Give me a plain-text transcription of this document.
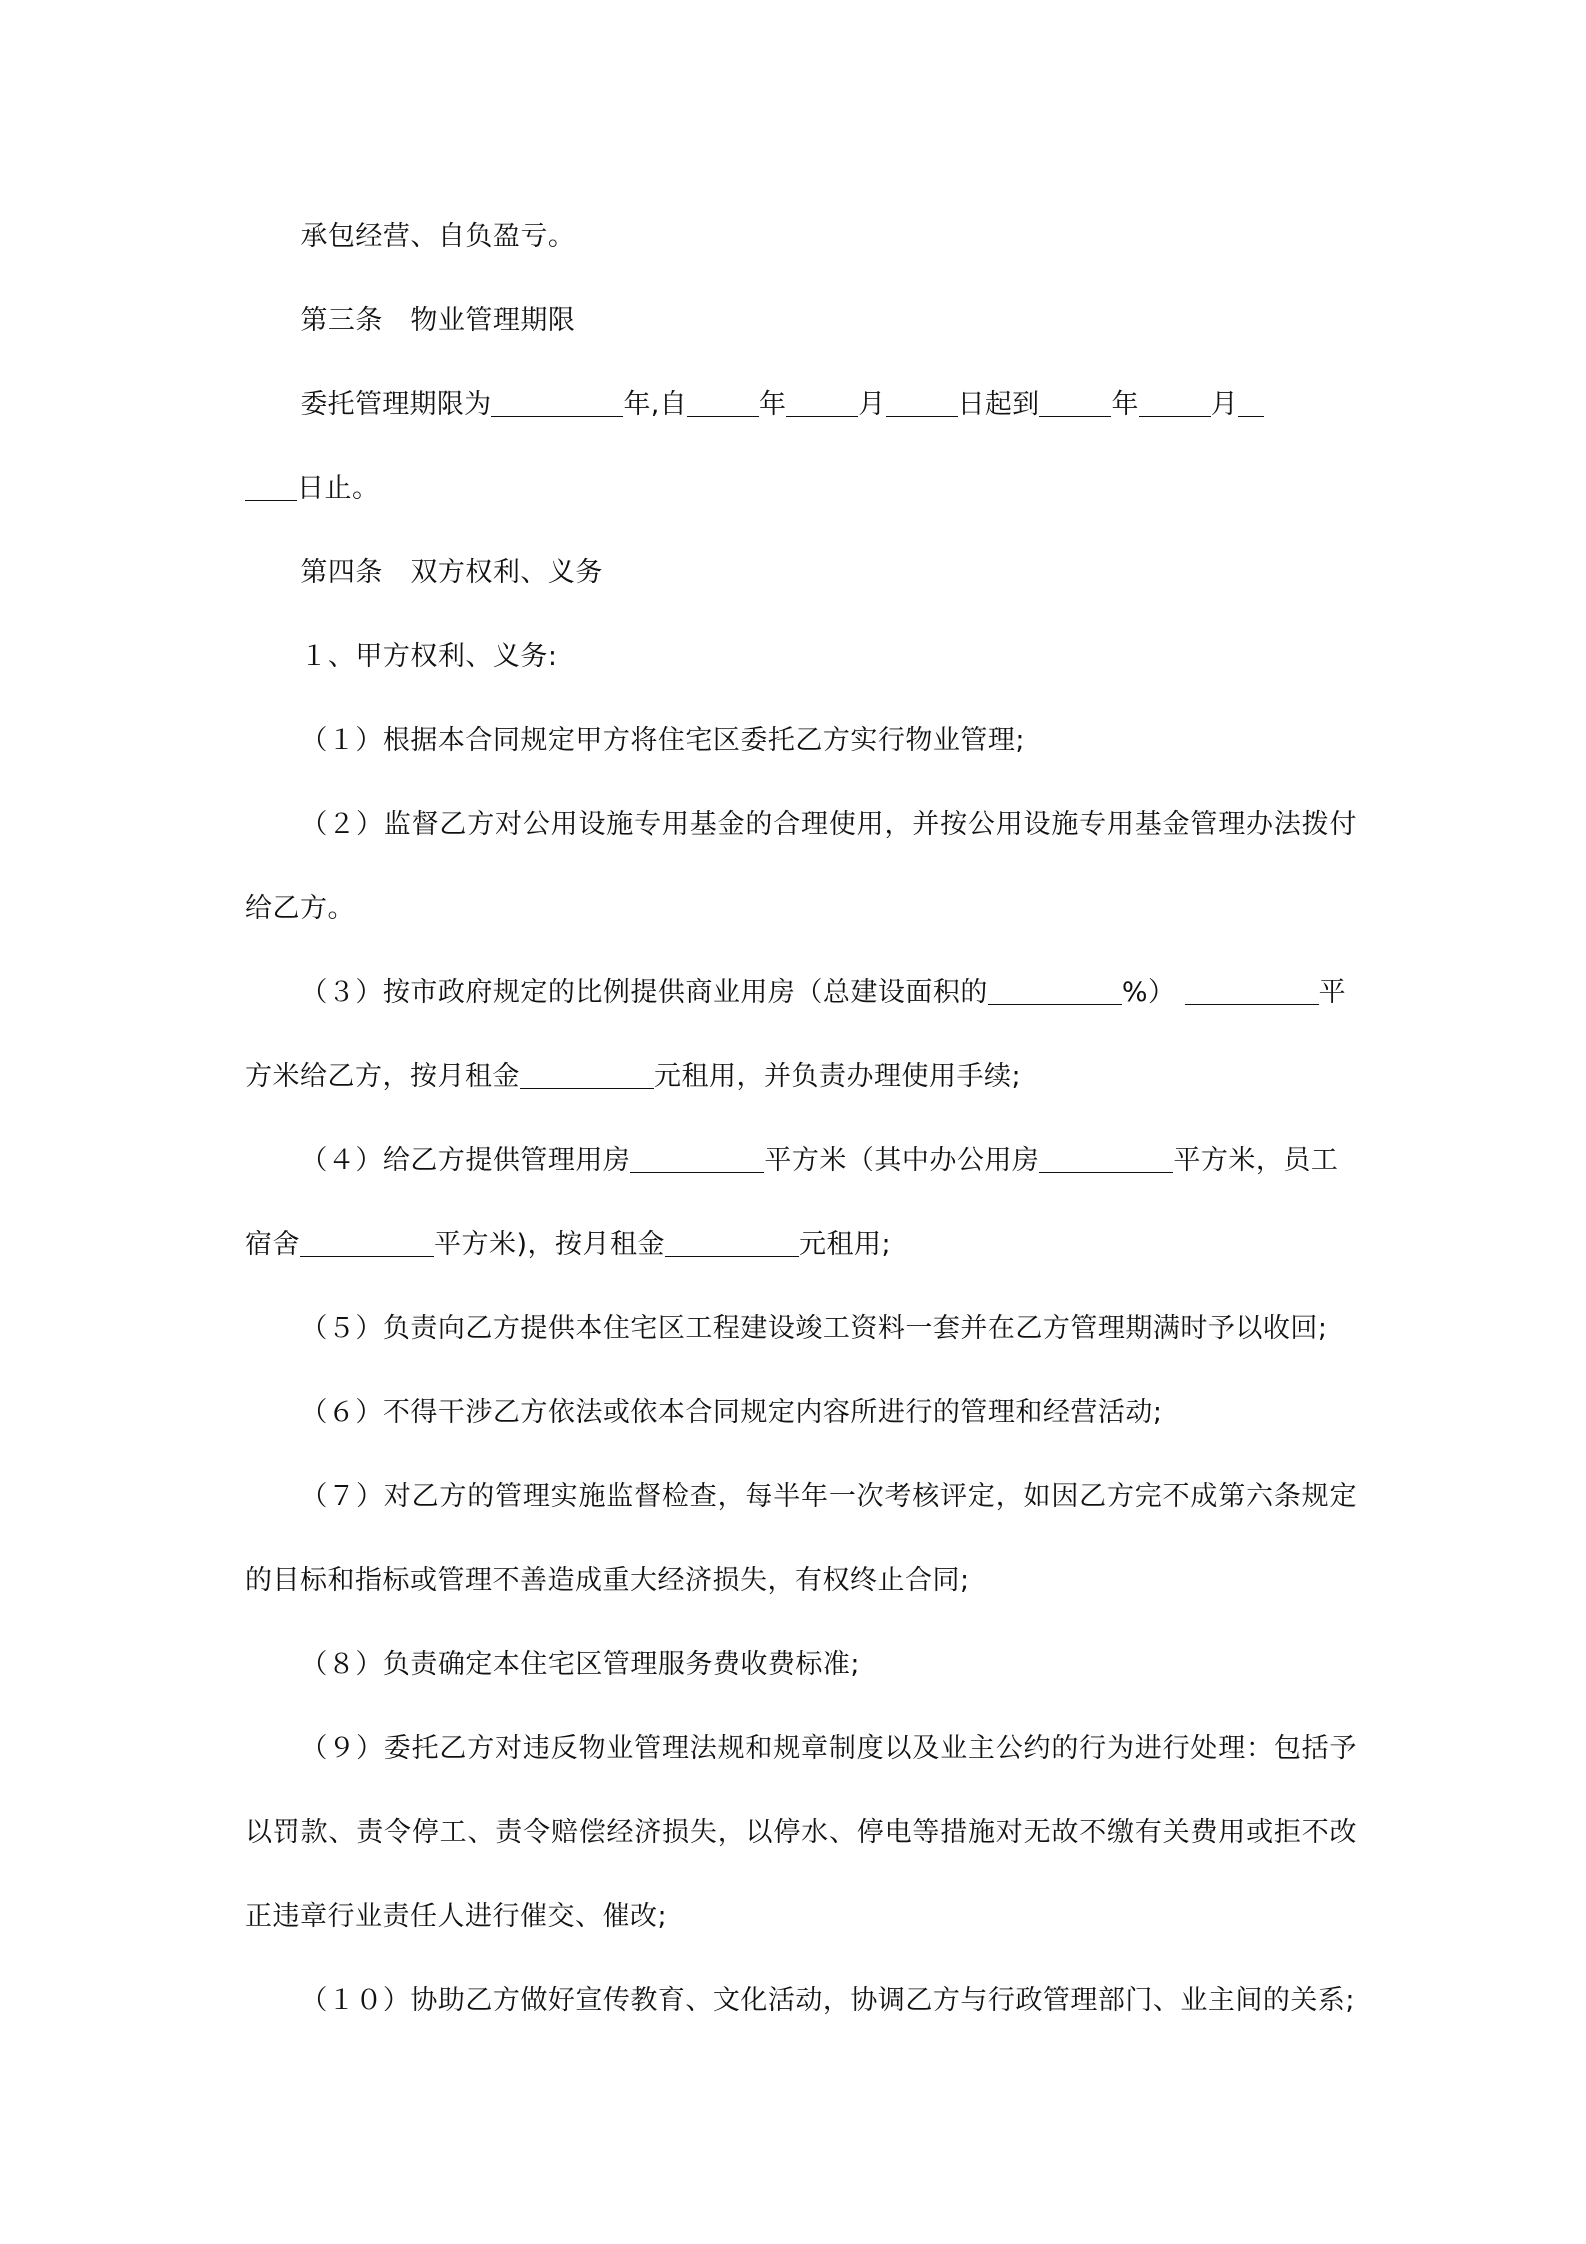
承包经营、自负盈亏。

第三条　物业管理期限

委托管理期限为	年,自	年	月	日起到	年	月

日止。

第四条　双方权利、义务

１、甲方权利、义务:

（１）根据本合同规定甲方将住宅区委托乙方实行物业管理;

（２）监督乙方对公用设施专用基金的合理使用，并按公用设施专用基金管理办法拨付给乙方。

（３）按市政府规定的比例提供商业用房（总建设面积的	%）	平

方米给乙方，按月租金	元租用，并负责办理使用手续;

（４）给乙方提供管理用房	平方米（其中办公用房	平方米，员工

宿舍	平方米)，按月租金	元租用;

（５）负责向乙方提供本住宅区工程建设竣工资料一套并在乙方管理期满时予以收回;

（６）不得干涉乙方依法或依本合同规定内容所进行的管理和经营活动;

（７）对乙方的管理实施监督检查，每半年一次考核评定，如因乙方完不成第六条规定的目标和指标或管理不善造成重大经济损失，有权终止合同;

（８）负责确定本住宅区管理服务费收费标准;

（９）委托乙方对违反物业管理法规和规章制度以及业主公约的行为进行处理：包括予以罚款、责令停工、责令赔偿经济损失，以停水、停电等措施对无故不缴有关费用或拒不改正违章行业责任人进行催交、催改;

（１０）协助乙方做好宣传教育、文化活动，协调乙方与行政管理部门、业主间的关系;
